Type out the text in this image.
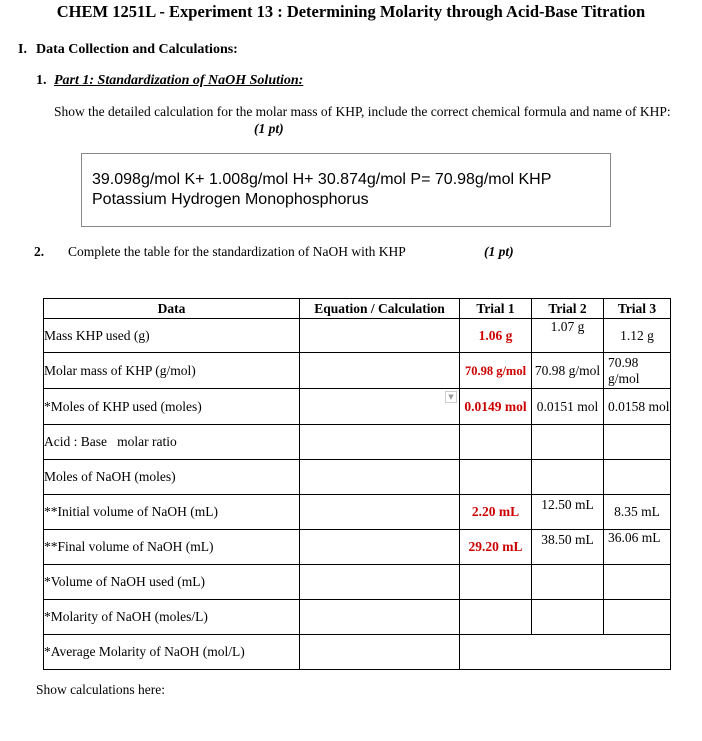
CHEM 1251L - Experiment 13 : Determining Molarity through Acid-Base Titration
I. Data Collection and Calculations:
1. Part 1: Standardization of NaOH Solution:
Show the detailed calculation for the molar mass of KHP, include the correct chemical formula and name of KHP: (1 pt)
39.098g/mol K+ 1.008g/mol H+ 30.874g/mol P= 70.98g/mol KHP
Potassium Hydrogen Monophosphorus
2. Complete the table for the standardization of NaOH with KHP	(1 pt)
Data	Equation / Calculation	Trial 1	Trial 2	Trial 3
Mass KHP used (g)		1.06 g	1.07 g	1.12 g
Molar mass of KHP (g/mol)		70.98 g/mol	70.98 g/mol	70.98 g/mol
*Moles of KHP used (moles)	▼	0.0149 mol	0.0151 mol	0.0158 mol
Acid : Base   molar ratio				
Moles of NaOH (moles)				
**Initial volume of NaOH (mL)		2.20 mL	12.50 mL	8.35 mL
**Final volume of NaOH (mL)		29.20 mL	38.50 mL	36.06 mL
*Volume of NaOH used (mL)				
*Molarity of NaOH (moles/L)				
*Average Molarity of NaOH (mol/L)				
Show calculations here:
